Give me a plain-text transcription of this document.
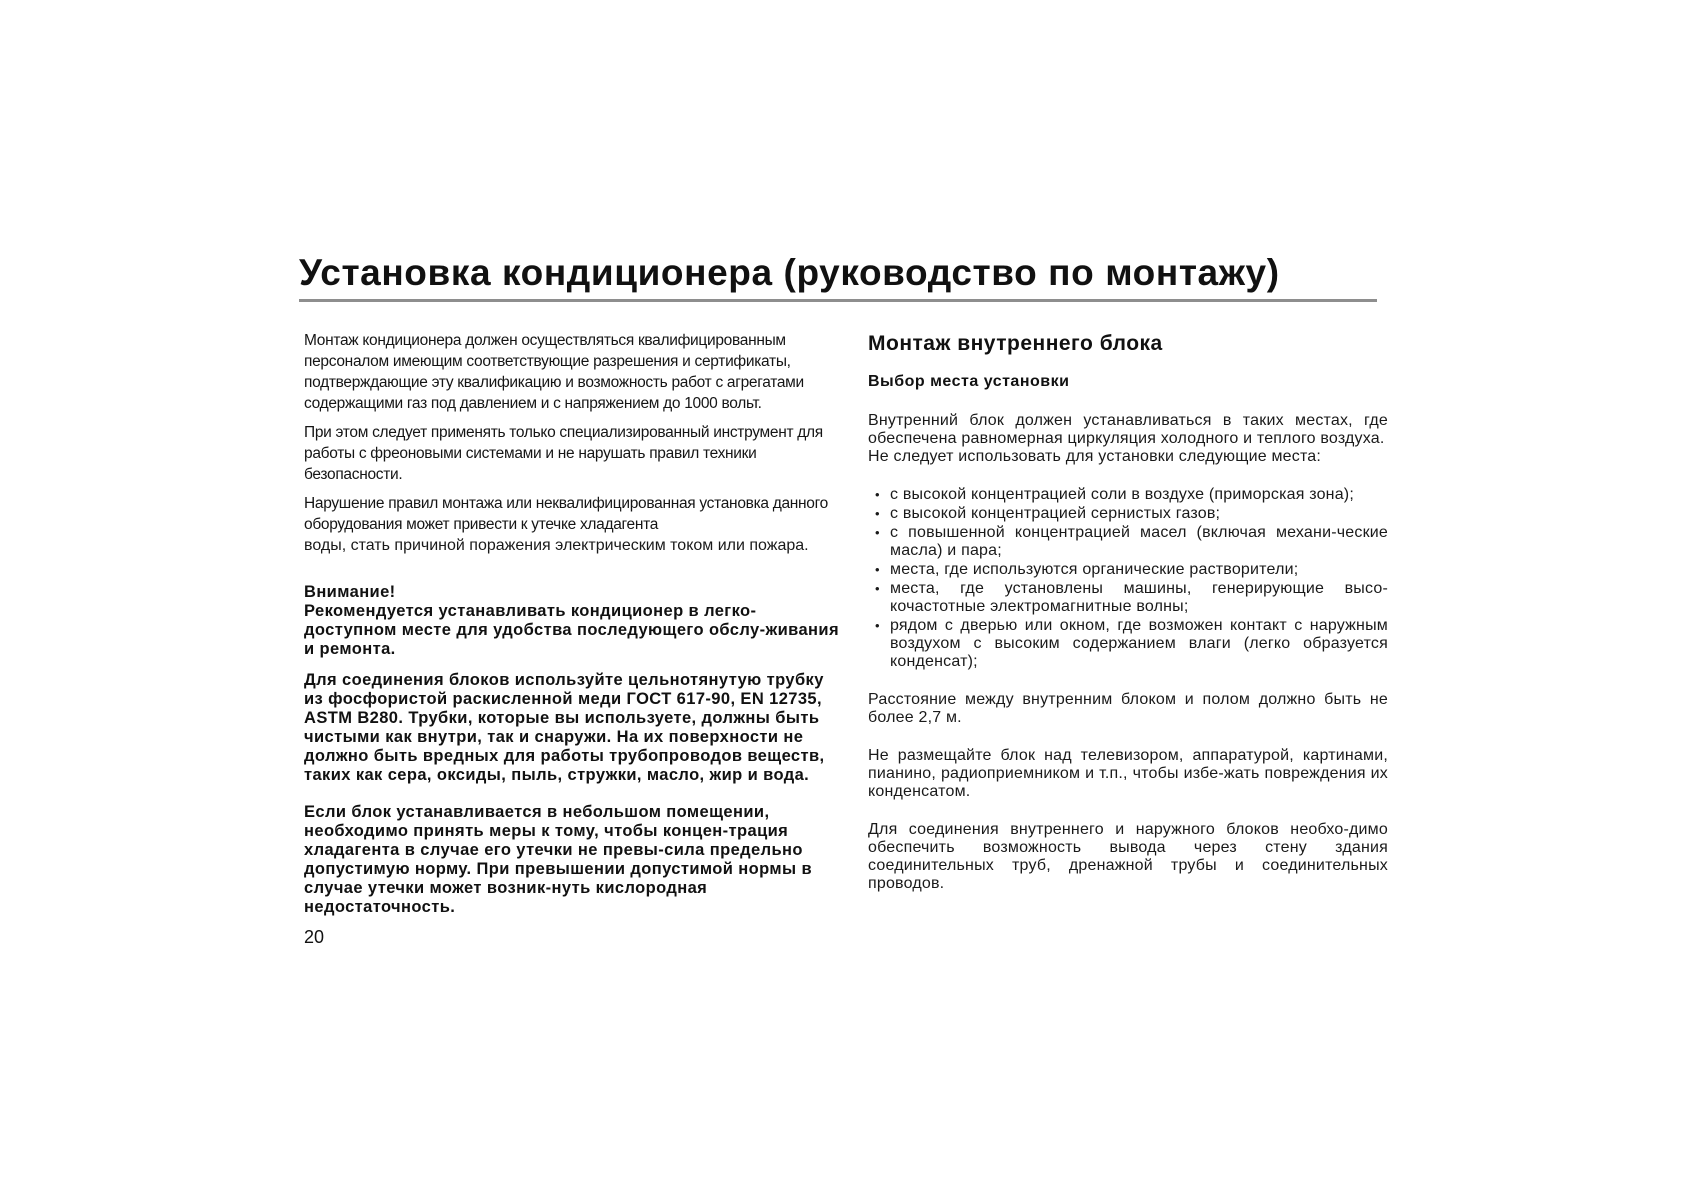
Установка кондиционера (руководство по монтажу)

Монтаж кондиционера должен осуществляться квалифицированным персоналом имеющим соответствующие разрешения и сертификаты, подтверждающие эту квалификацию и возможность работ с агрегатами содержащими газ под давлением и с напряжением до 1000 вольт.

При этом следует применять только специализированный инструмент для работы с фреоновыми системами и не нарушать правил техники безопасности.

Нарушение правил монтажа или неквалифицированная установка данного оборудования может привести к утечке хладагента

воды, стать причиной поражения электрическим током или пожара.

Внимание!

Рекомендуется устанавливать кондиционер в легко-доступном месте для удобства последующего обслу-живания и ремонта.

Для соединения блоков используйте цельнотянутую трубку из фосфористой раскисленной меди ГОСТ 617-90, EN 12735, ASTM B280. Трубки, которые вы используете, должны быть чистыми как внутри, так и снаружи. На их поверхности не должно быть вредных для работы трубопроводов веществ, таких как сера, оксиды, пыль, стружки, масло, жир и вода.

Если блок устанавливается в небольшом помещении, необходимо принять меры к тому, чтобы концен-трация хладагента в случае его утечки не превы-сила предельно допустимую норму. При превышении допустимой нормы в случае утечки может возник-нуть кислородная недостаточность.

20
Монтаж внутреннего блока
Выбор места установки

Внутренний блок должен устанавливаться в таких местах, где обеспечена равномерная циркуляция холодного и теплого воздуха.

Не следует использовать для установки следующие места:

• с высокой концентрацией соли в воздухе (приморская зона);
• с высокой концентрацией сернистых газов;
• с повышенной концентрацией масел (включая механи-ческие масла) и пара;
• места, где используются органические растворители;
• места, где установлены машины, генерирующие высо-кочастотные электромагнитные волны;
• рядом с дверью или окном, где возможен контакт с наружным воздухом с высоким содержанием влаги (легко образуется конденсат);

Расстояние между внутренним блоком и полом должно быть не более 2,7 м.

Не размещайте блок над телевизором, аппаратурой, картинами, пианино, радиоприемником и т.п., чтобы избе-жать повреждения их конденсатом.

Для соединения внутреннего и наружного блоков необхо-димо обеспечить возможность вывода через стену здания соединительных труб, дренажной трубы и соединительных проводов.
